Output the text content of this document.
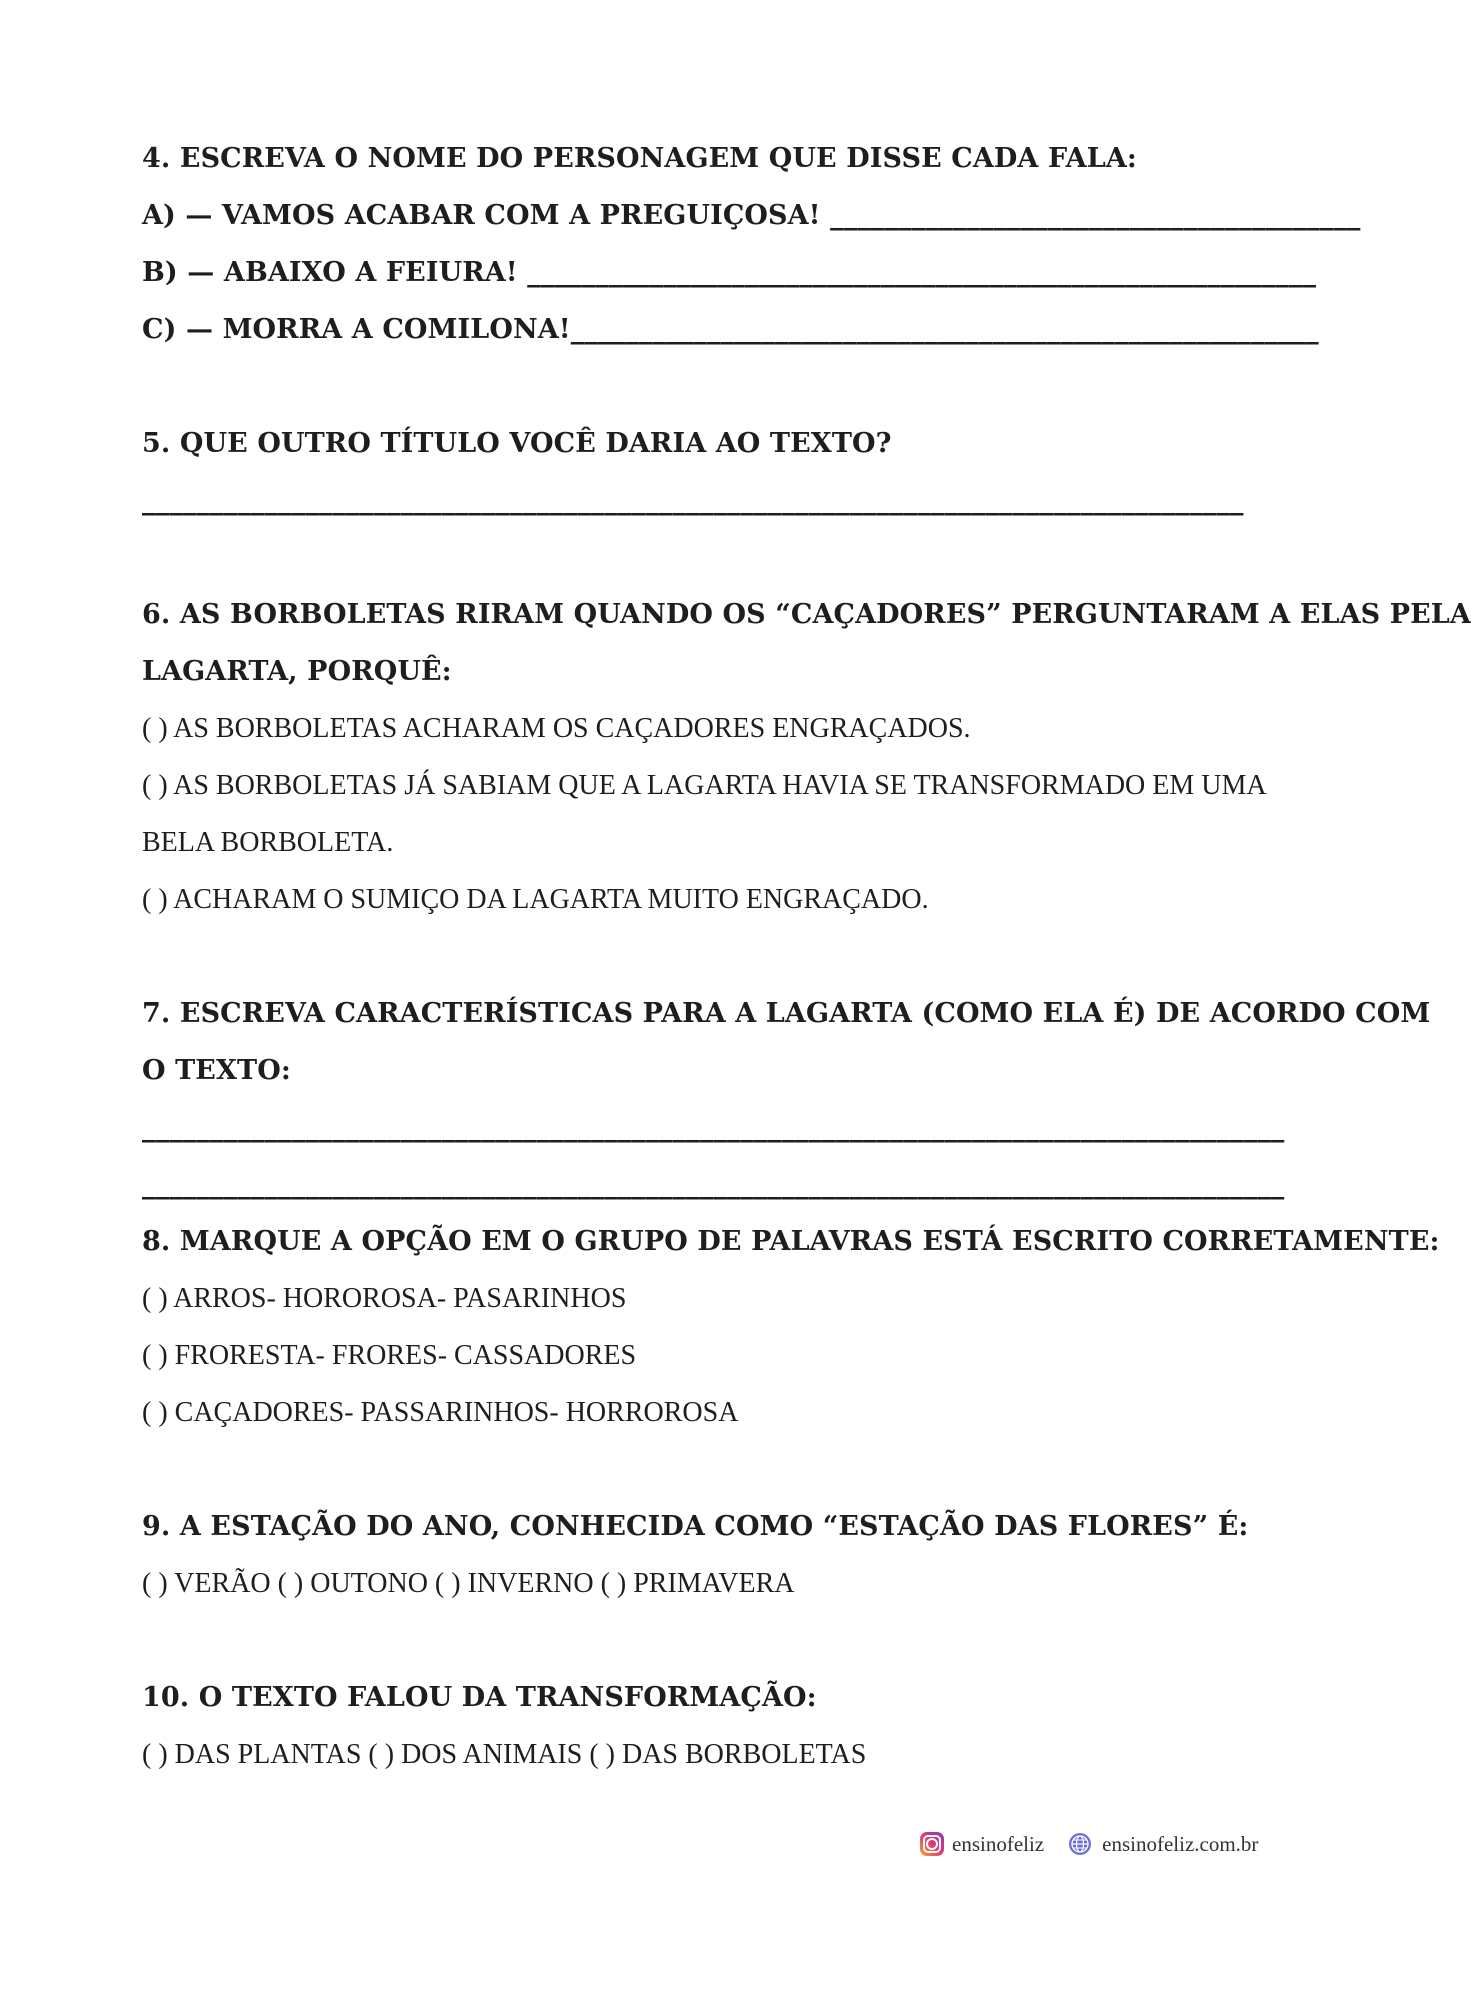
4. ESCREVA O NOME DO PERSONAGEM QUE DISSE CADA FALA:
A) — VAMOS ACABAR COM A PREGUIÇOSA! _______________________________________
B) — ABAIXO A FEIURA! __________________________________________________________
C) — MORRA A COMILONA!_______________________________________________________
5. QUE OUTRO TÍTULO VOCÊ DARIA AO TEXTO?
_________________________________________________________________________________
6. AS BORBOLETAS RIRAM QUANDO OS “CAÇADORES” PERGUNTARAM A ELAS PELA
LAGARTA, PORQUÊ:
( ) AS BORBOLETAS ACHARAM OS CAÇADORES ENGRAÇADOS.
( ) AS BORBOLETAS JÁ SABIAM QUE A LAGARTA HAVIA SE TRANSFORMADO EM UMA
BELA BORBOLETA.
( ) ACHARAM O SUMIÇO DA LAGARTA MUITO ENGRAÇADO.
7. ESCREVA CARACTERÍSTICAS PARA A LAGARTA (COMO ELA É) DE ACORDO COM
O TEXTO:
____________________________________________________________________________________
____________________________________________________________________________________
8. MARQUE A OPÇÃO EM O GRUPO DE PALAVRAS ESTÁ ESCRITO CORRETAMENTE:
( ) ARROS- HOROROSA- PASARINHOS
( ) FRORESTA- FRORES- CASSADORES
( ) CAÇADORES- PASSARINHOS- HORROROSA
9. A ESTAÇÃO DO ANO, CONHECIDA COMO “ESTAÇÃO DAS FLORES” É:
( ) VERÃO ( ) OUTONO ( ) INVERNO ( ) PRIMAVERA
10. O TEXTO FALOU DA TRANSFORMAÇÃO:
( ) DAS PLANTAS ( ) DOS ANIMAIS ( ) DAS BORBOLETAS
ensinofeliz	ensinofeliz.com.br
